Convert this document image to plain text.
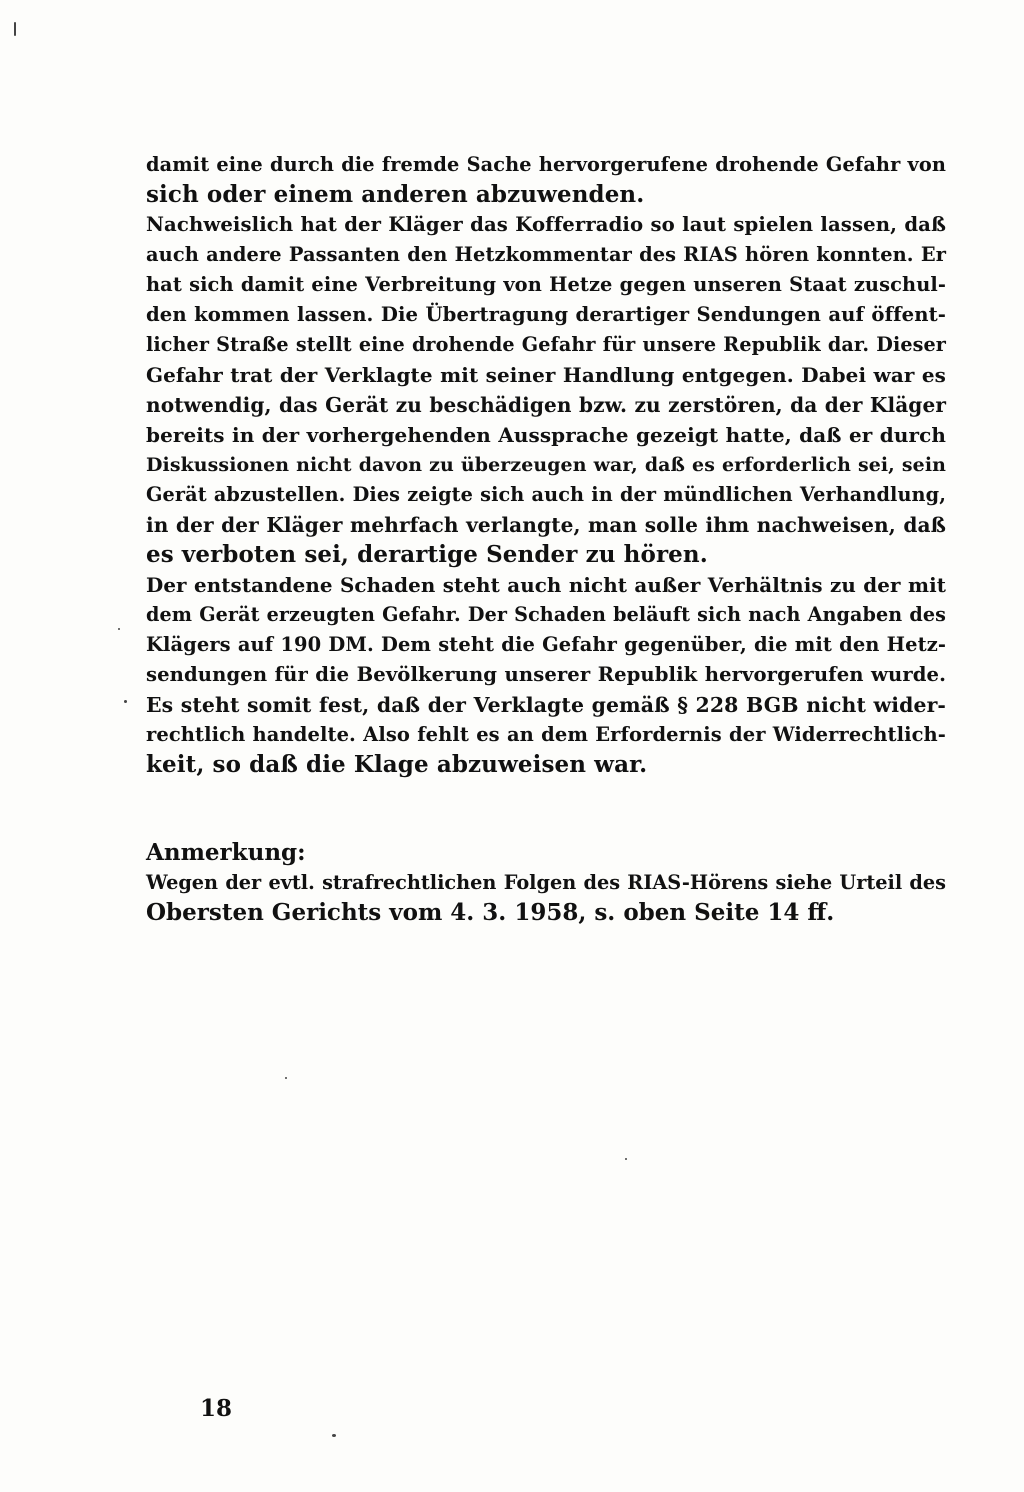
damit eine durch die fremde Sache hervorgerufene drohende Gefahr von
sich oder einem anderen abzuwenden.
Nachweislich hat der Kläger das Kofferradio so laut spielen lassen, daß
auch andere Passanten den Hetzkommentar des RIAS hören konnten. Er
hat sich damit eine Verbreitung von Hetze gegen unseren Staat zuschul-
den kommen lassen. Die Übertragung derartiger Sendungen auf öffent-
licher Straße stellt eine drohende Gefahr für unsere Republik dar. Dieser
Gefahr trat der Verklagte mit seiner Handlung entgegen. Dabei war es
notwendig, das Gerät zu beschädigen bzw. zu zerstören, da der Kläger
bereits in der vorhergehenden Aussprache gezeigt hatte, daß er durch
Diskussionen nicht davon zu überzeugen war, daß es erforderlich sei, sein
Gerät abzustellen. Dies zeigte sich auch in der mündlichen Verhandlung,
in der der Kläger mehrfach verlangte, man solle ihm nachweisen, daß
es verboten sei, derartige Sender zu hören.
Der entstandene Schaden steht auch nicht außer Verhältnis zu der mit
dem Gerät erzeugten Gefahr. Der Schaden beläuft sich nach Angaben des
Klägers auf 190 DM. Dem steht die Gefahr gegenüber, die mit den Hetz-
sendungen für die Bevölkerung unserer Republik hervorgerufen wurde.
Es steht somit fest, daß der Verklagte gemäß § 228 BGB nicht wider-
rechtlich handelte. Also fehlt es an dem Erfordernis der Widerrechtlich-
keit, so daß die Klage abzuweisen war.
Anmerkung:
Wegen der evtl. strafrechtlichen Folgen des RIAS-Hörens siehe Urteil des
Obersten Gerichts vom 4. 3. 1958, s. oben Seite 14 ff.
18
